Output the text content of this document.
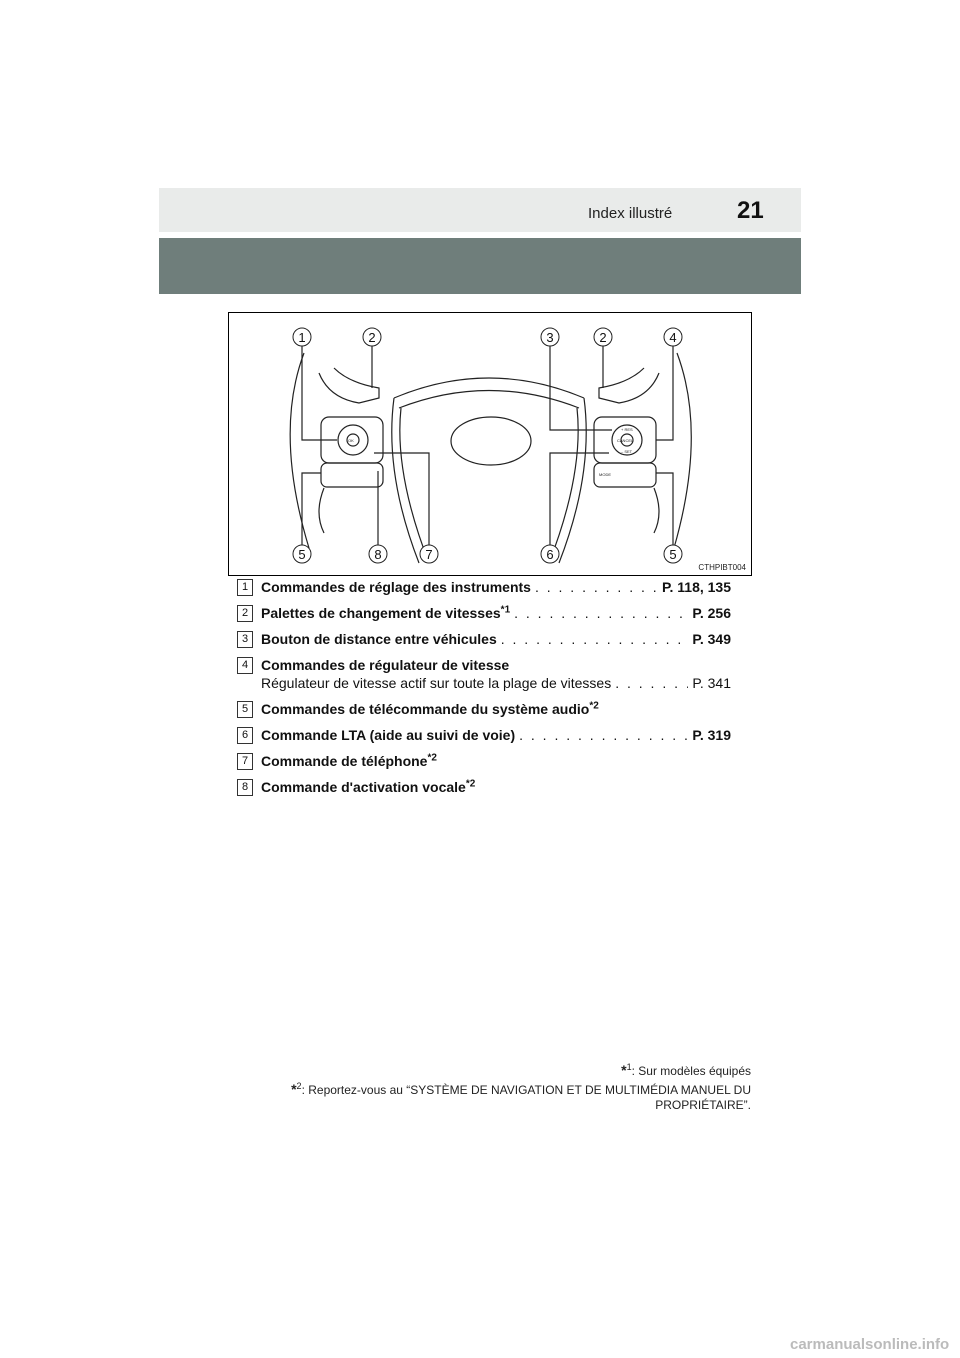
Index illustré	21
OK
+ RES
– SET
CANCEL
MODE
1	2	3	2	4
5	8	7	6	5
CTHPIBT004
1 Commandes de réglage des instruments . . .	P. 118, 135
2 Palettes de changement de vitesses$^{*1}$ . . .	P. 256
3 Bouton de distance entre véhicules . . .	P. 349
4 Commandes de régulateur de vitesse
Régulateur de vitesse actif sur toute la plage de vitesses . . .	P. 341
5 Commandes de télécommande du système audio$^{*2}$
6 Commande LTA (aide au suivi de voie) . . .	P. 319
7 Commande de téléphone$^{*2}$
8 Commande d'activation vocale$^{*2}$
*$^1$: Sur modèles équipés
*$^2$: Reportez-vous au “SYSTÈME DE NAVIGATION ET DE MULTIMÉDIA MANUEL DU PROPRIÉTAIRE”.
carmanualsonline.info
